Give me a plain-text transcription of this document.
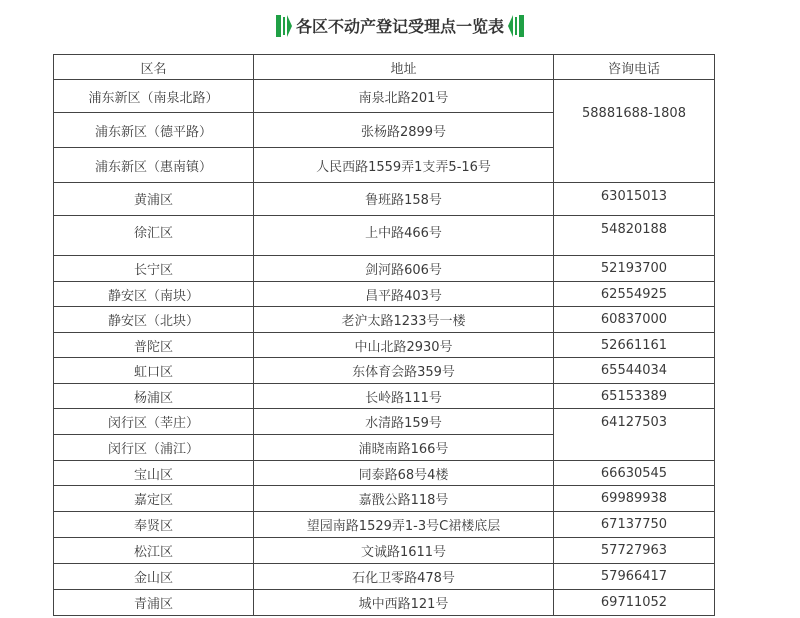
各区不动产登记受理点一览表
区名	地址	咨询电话
浦东新区（南泉北路）	南泉北路201号	58881688-1808
浦东新区（德平路）	张杨路2899号	
浦东新区（惠南镇）	人民西路1559弄1支弄5-16号	
黄浦区	鲁班路158号	63015013
徐汇区	上中路466号	54820188
长宁区	剑河路606号	52193700
静安区（南块）	昌平路403号	62554925
静安区（北块）	老沪太路1233号一楼	60837000
普陀区	中山北路2930号	52661161
虹口区	东体育会路359号	65544034
杨浦区	长岭路111号	65153389
闵行区（莘庄）	水清路159号	64127503
闵行区（浦江）	浦晓南路166号	
宝山区	同泰路68号4楼	66630545
嘉定区	嘉戬公路118号	69989938
奉贤区	望园南路1529弄1-3号C裙楼底层	67137750
松江区	文诚路1611号	57727963
金山区	石化卫零路478号	57966417
青浦区	城中西路121号	69711052
